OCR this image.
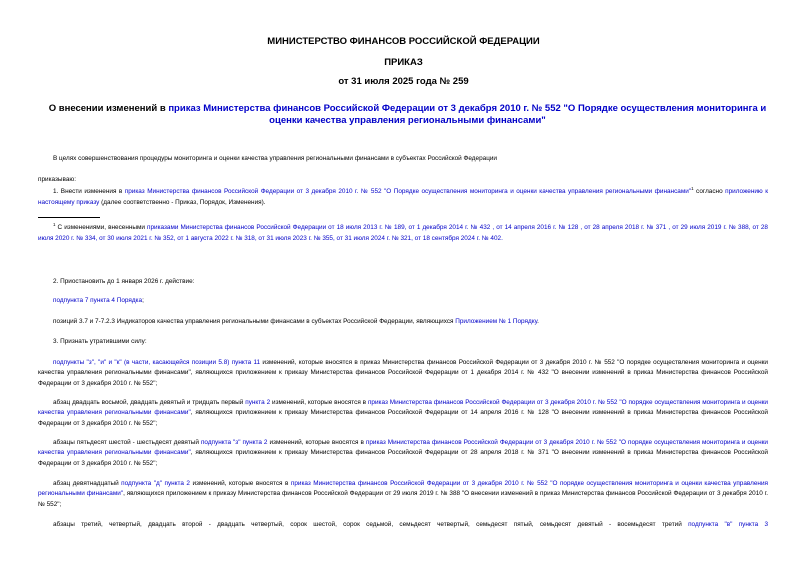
МИНИСТЕРСТВО ФИНАНСОВ РОССИЙСКОЙ ФЕДЕРАЦИИ
ПРИКАЗ
от 31 июля 2025 года № 259
О внесении изменений в приказ Министерства финансов Российской Федерации от 3 декабря 2010 г. № 552 "О Порядке осуществления мониторинга и оценки качества управления региональными финансами"
В целях совершенствования процедуры мониторинга и оценки качества управления региональными финансами в субъектах Российской Федерации
приказываю:
1. Внести изменения в приказ Министерства финансов Российской Федерации от 3 декабря 2010 г. № 552 "О Порядке осуществления мониторинга и оценки качества управления региональными финансами"$^1$ согласно приложению к настоящему приказу (далее соответственно - Приказ, Порядок, Изменения).
$^1$ С изменениями, внесенными приказами Министерства финансов Российской Федерации от 18 июля 2013 г. № 189, от 1 декабря 2014 г. № 432 , от 14 апреля 2016 г. № 128 , от 28 апреля 2018 г. № 371 , от 29 июля 2019 г. № 388, от 28 июля 2020 г. № 334, от 30 июля 2021 г. № 352, от 1 августа 2022 г. № 318, от 31 июля 2023 г. № 355, от 31 июля 2024 г. № 321, от 18 сентября 2024 г. № 402.
2. Приостановить до 1 января 2026 г. действие:
подпункта 7 пункта 4 Порядка;
позиций 3.7 и 7-7.2.3 Индикаторов качества управления региональными финансами в субъектах Российской Федерации, являющихся Приложением № 1 Порядку.
3. Признать утратившими силу:
подпункты "з", "и" и "к" (в части, касающейся позиции 5.8) пункта 11 изменений, которые вносятся в приказ Министерства финансов Российской Федерации от 3 декабря 2010 г. № 552 "О порядке осуществления мониторинга и оценки качества управления региональными финансами", являющихся приложением к приказу Министерства финансов Российской Федерации от 1 декабря 2014 г. № 432 "О внесении изменений в приказ Министерства финансов Российской Федерации от 3 декабря 2010 г. № 552";
абзац двадцать восьмой, двадцать девятый и тридцать первый пункта 2 изменений, которые вносятся в приказ Министерства финансов Российской Федерации от 3 декабря 2010 г. № 552 "О порядке осуществления мониторинга и оценки качества управления региональными финансами", являющихся приложением к приказу Министерства финансов Российской Федерации от 14 апреля 2016 г. № 128 "О внесении изменений в приказ Министерства финансов Российской Федерации от 3 декабря 2010 г. № 552";
абзацы пятьдесят шестой - шестьдесят девятый подпункта "з" пункта 2 изменений, которые вносятся в приказ Министерства финансов Российской Федерации от 3 декабря 2010 г. № 552 "О порядке осуществления мониторинга и оценки качества управления региональными финансами", являющихся приложением к приказу Министерства финансов Российской Федерации от 28 апреля 2018 г. № 371 "О внесении изменений в приказ Министерства финансов Российской Федерации от 3 декабря 2010 г. № 552";
абзац девятнадцатый подпункта "д" пункта 2 изменений, которые вносятся в приказ Министерства финансов Российской Федерации от 3 декабря 2010 г. № 552 "О порядке осуществления мониторинга и оценки качества управления региональными финансами", являющихся приложением к приказу Министерства финансов Российской Федерации от 29 июля 2019 г. № 388 "О внесении изменений в приказ Министерства финансов Российской Федерации от 3 декабря 2010 г. № 552";
абзацы третий, четвертый, двадцать второй - двадцать четвертый, сорок шестой, сорок седьмой, семьдесят четвертый, семьдесят пятый, семьдесят девятый - восемьдесят третий подпункта "в" пункта 3
